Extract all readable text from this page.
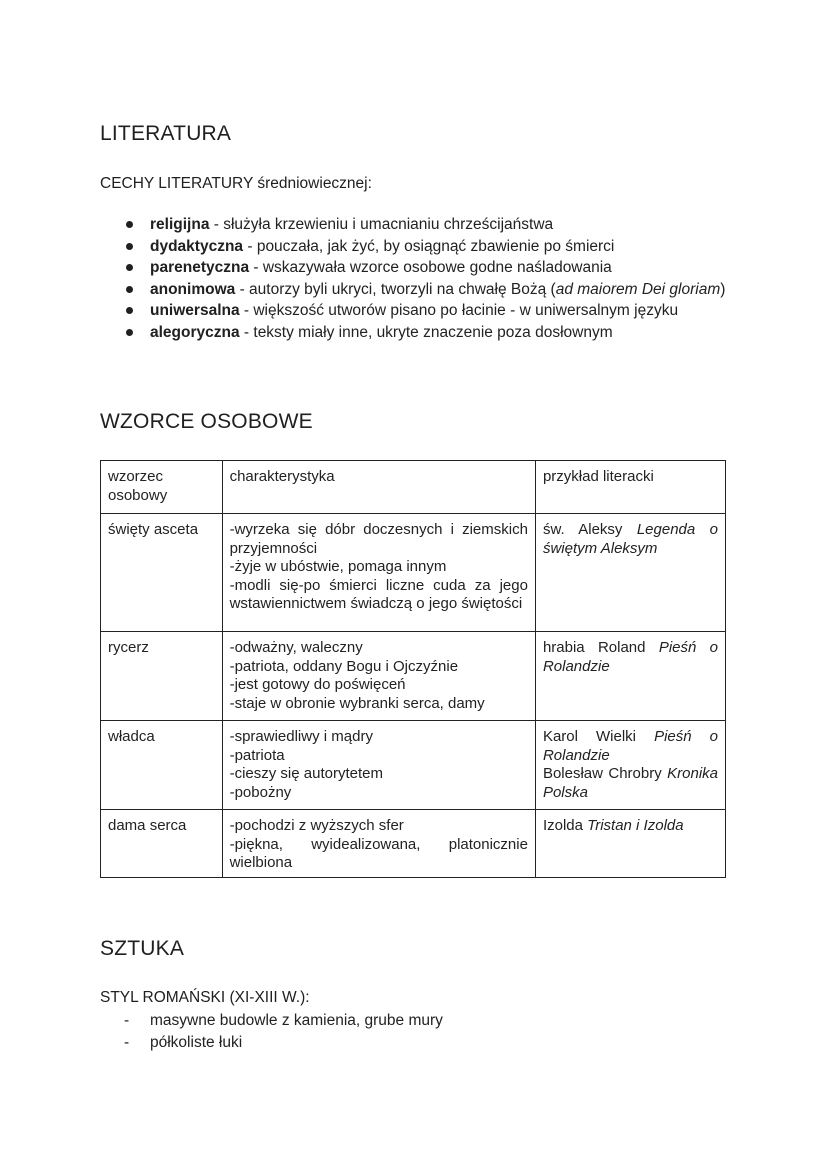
LITERATURA
CECHY LITERATURY średniowiecznej:
religijna - służyła krzewieniu i umacnianiu chrześcijaństwa
dydaktyczna - pouczała, jak żyć, by osiągnąć zbawienie po śmierci
parenetyczna - wskazywała wzorce osobowe godne naśladowania
anonimowa - autorzy byli ukryci, tworzyli na chwałę Bożą (ad maiorem Dei gloriam)
uniwersalna - większość utworów pisano po łacinie - w uniwersalnym języku
alegoryczna - teksty miały inne, ukryte znaczenie poza dosłownym
WZORCE OSOBOWE
wzorzec osobowy	charakterystyka	przykład literacki
święty asceta	-wyrzeka się dóbr doczesnych i ziemskich przyjemności
-żyje w ubóstwie, pomaga innym
-modli się-po śmierci liczne cuda za jego wstawiennictwem świadczą o jego świętości	św. Aleksy Legenda o świętym Aleksym
rycerz	-odważny, waleczny
-patriota, oddany Bogu i Ojczyźnie
-jest gotowy do poświęceń
-staje w obronie wybranki serca, damy	hrabia Roland Pieśń o Rolandzie
władca	-sprawiedliwy i mądry
-patriota
-cieszy się autorytetem
-pobożny	Karol Wielki Pieśń o Rolandzie
Bolesław Chrobry Kronika Polska
dama serca	-pochodzi z wyższych sfer
-piękna, wyidealizowana, platonicznie wielbiona	Izolda Tristan i Izolda
SZTUKA
STYL ROMAŃSKI (XI-XIII W.):
- masywne budowle z kamienia, grube mury
- półkoliste łuki
